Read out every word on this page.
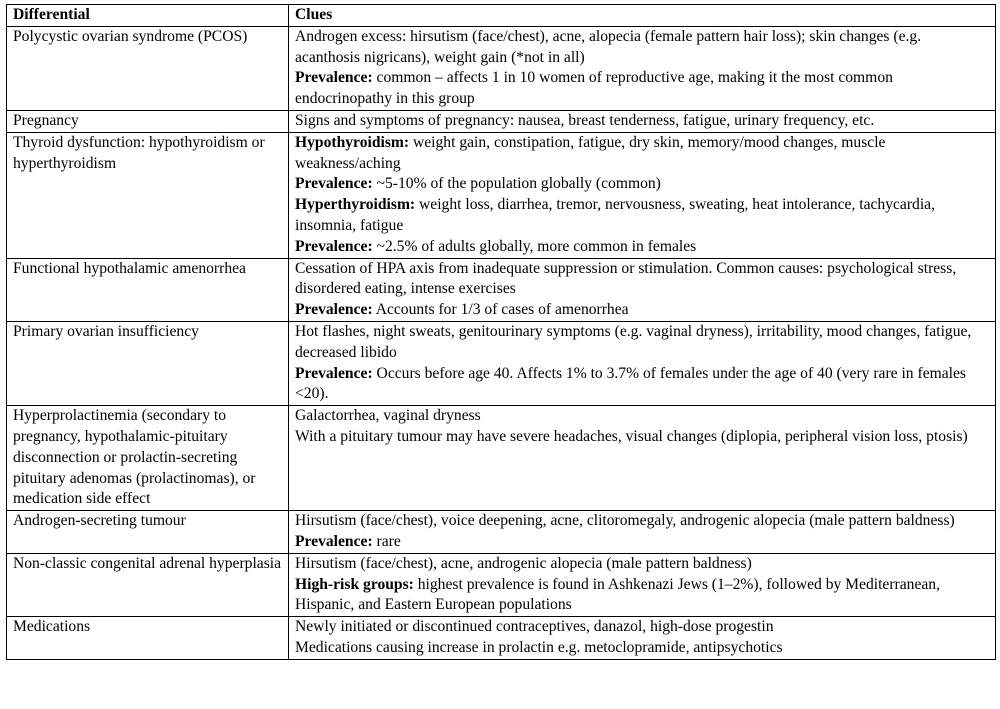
Differential	Clues
Polycystic ovarian syndrome (PCOS)	Androgen excess: hirsutism (face/chest), acne, alopecia (female pattern hair loss); skin changes (e.g. acanthosis nigricans), weight gain (*not in all)
Prevalence: common – affects 1 in 10 women of reproductive age, making it the most common endocrinopathy in this group

Pregnancy	Signs and symptoms of pregnancy: nausea, breast tenderness, fatigue, urinary frequency, etc.

Thyroid dysfunction: hypothyroidism or hyperthyroidism	Hypothyroidism: weight gain, constipation, fatigue, dry skin, memory/mood changes, muscle weakness/aching
Prevalence: ~5-10% of the population globally (common)
Hyperthyroidism: weight loss, diarrhea, tremor, nervousness, sweating, heat intolerance, tachycardia, insomnia, fatigue
Prevalence: ~2.5% of adults globally, more common in females

Functional hypothalamic amenorrhea	Cessation of HPA axis from inadequate suppression or stimulation. Common causes: psychological stress, disordered eating, intense exercises
Prevalence: Accounts for 1/3 of cases of amenorrhea

Primary ovarian insufficiency	Hot flashes, night sweats, genitourinary symptoms (e.g. vaginal dryness), irritability, mood changes, fatigue, decreased libido
Prevalence: Occurs before age 40. Affects 1% to 3.7% of females under the age of 40 (very rare in females <20).

Hyperprolactinemia (secondary to pregnancy, hypothalamic-pituitary disconnection or prolactin-secreting pituitary adenomas (prolactinomas), or medication side effect	Galactorrhea, vaginal dryness
With a pituitary tumour may have severe headaches, visual changes (diplopia, peripheral vision loss, ptosis)

Androgen-secreting tumour	Hirsutism (face/chest), voice deepening, acne, clitoromegaly, androgenic alopecia (male pattern baldness)
Prevalence: rare

Non-classic congenital adrenal hyperplasia	Hirsutism (face/chest), acne, androgenic alopecia (male pattern baldness)
High-risk groups: highest prevalence is found in Ashkenazi Jews (1–2%), followed by Mediterranean, Hispanic, and Eastern European populations

Medications	Newly initiated or discontinued contraceptives, danazol, high-dose progestin
Medications causing increase in prolactin e.g. metoclopramide, antipsychotics
